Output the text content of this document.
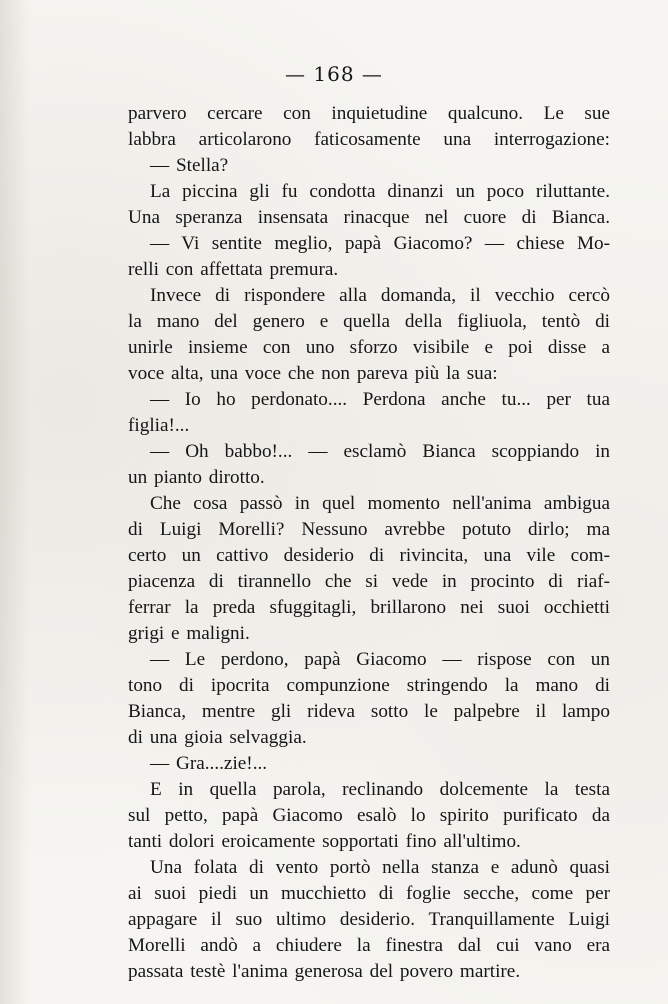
— 168 —
parvero cercare con inquietudine qualcuno. Le sue
labbra articolarono faticosamente una interrogazione:
— Stella?
La piccina gli fu condotta dinanzi un poco riluttante.
Una speranza insensata rinacque nel cuore di Bianca.
— Vi sentite meglio, papà Giacomo? — chiese Mo-
relli con affettata premura.
Invece di rispondere alla domanda, il vecchio cercò
la mano del genero e quella della figliuola, tentò di
unirle insieme con uno sforzo visibile e poi disse a
voce alta, una voce che non pareva più la sua:
— Io ho perdonato.... Perdona anche tu... per tua
figlia!...
— Oh babbo!... — esclamò Bianca scoppiando in
un pianto dirotto.
Che cosa passò in quel momento nell'anima ambigua
di Luigi Morelli? Nessuno avrebbe potuto dirlo; ma
certo un cattivo desiderio di rivincita, una vile com-
piacenza di tirannello che si vede in procinto di riaf-
ferrar la preda sfuggitagli, brillarono nei suoi occhietti
grigi e maligni.
— Le perdono, papà Giacomo — rispose con un
tono di ipocrita compunzione stringendo la mano di
Bianca, mentre gli rideva sotto le palpebre il lampo
di una gioia selvaggia.
— Gra....zie!...
E in quella parola, reclinando dolcemente la testa
sul petto, papà Giacomo esalò lo spirito purificato da
tanti dolori eroicamente sopportati fino all'ultimo.
Una folata di vento portò nella stanza e adunò quasi
ai suoi piedi un mucchietto di foglie secche, come per
appagare il suo ultimo desiderio. Tranquillamente Luigi
Morelli andò a chiudere la finestra dal cui vano era
passata testè l'anima generosa del povero martire.
